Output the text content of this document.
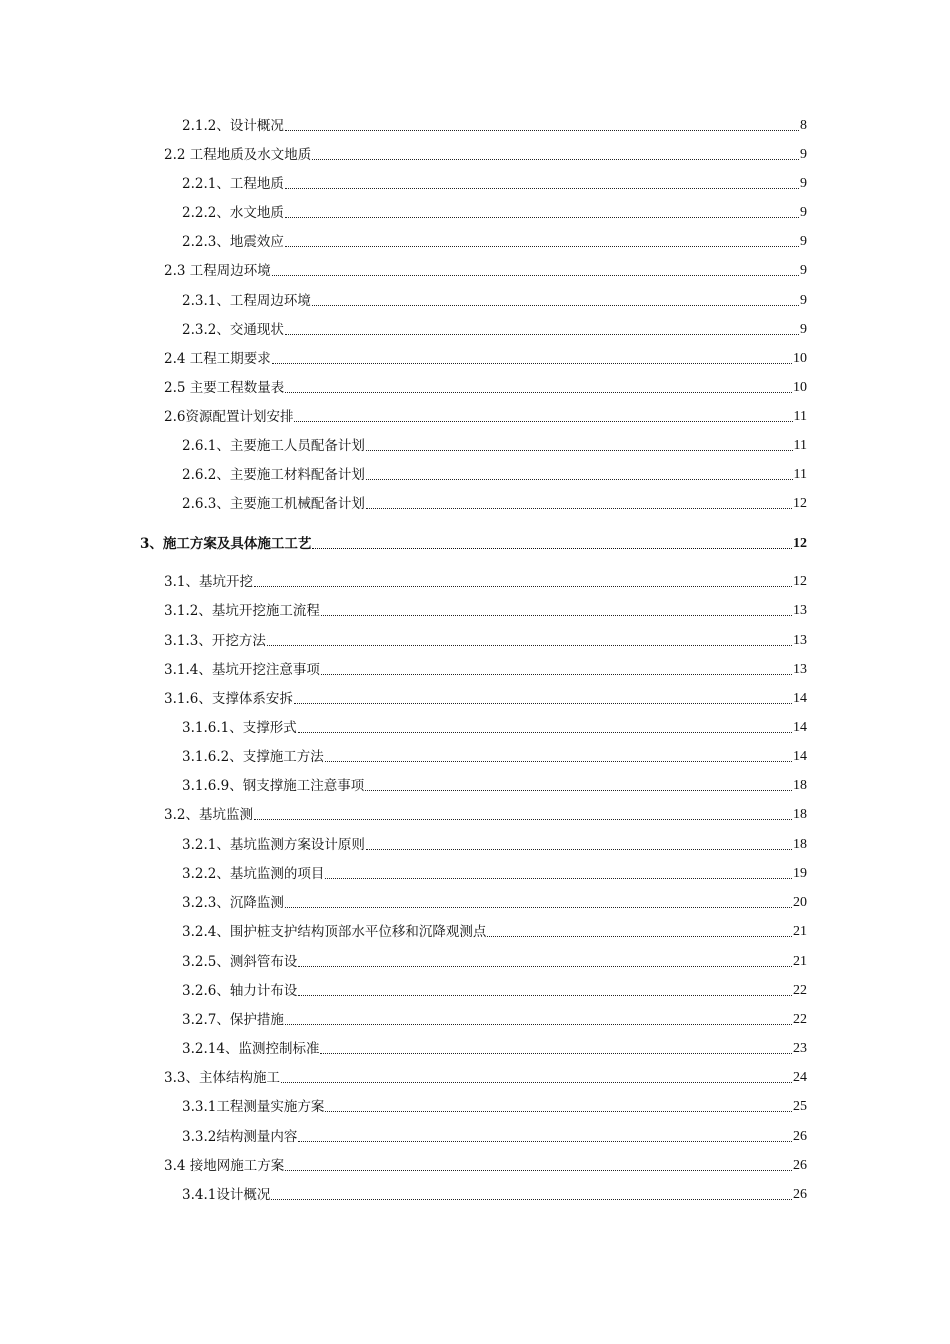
2.1.2、设计概况	8
2.2 工程地质及水文地质	9
2.2.1、工程地质	9
2.2.2、水文地质	9
2.2.3、地震效应	9
2.3 工程周边环境	9
2.3.1、工程周边环境	9
2.3.2、交通现状	9
2.4 工程工期要求	10
2.5 主要工程数量表	10
2.6资源配置计划安排	11
2.6.1、主要施工人员配备计划	11
2.6.2、主要施工材料配备计划	11
2.6.3、主要施工机械配备计划	12
3、施工方案及具体施工工艺	12
3.1、基坑开挖	12
3.1.2、基坑开挖施工流程	13
3.1.3、开挖方法	13
3.1.4、基坑开挖注意事项	13
3.1.6、支撑体系安拆	14
3.1.6.1、支撑形式	14
3.1.6.2、支撑施工方法	14
3.1.6.9、钢支撑施工注意事项	18
3.2、基坑监测	18
3.2.1、基坑监测方案设计原则	18
3.2.2、基坑监测的项目	19
3.2.3、沉降监测	20
3.2.4、围护桩支护结构顶部水平位移和沉降观测点	21
3.2.5、测斜管布设	21
3.2.6、轴力计布设	22
3.2.7、保护措施	22
3.2.14、监测控制标准	23
3.3、主体结构施工	24
3.3.1工程测量实施方案	25
3.3.2结构测量内容	26
3.4 接地网施工方案	26
3.4.1设计概况	26
